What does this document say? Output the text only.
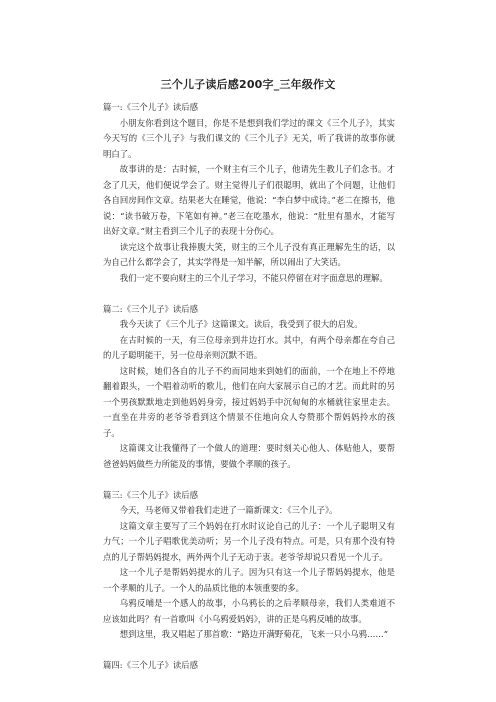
三个儿子读后感200字_三年级作文

篇一:《三个儿子》读后感

小朋友你看到这个题目，你是不是想到我们学过的课文《三个儿子》，其实今天写的《三个儿子》与我们课文的《三个儿子》无关，听了我讲的故事你就明白了。

故事讲的是：古时候，一个财主有三个儿子，他请先生教儿子们念书。才念了几天，他们便说学会了。财主觉得儿子们很聪明，就出了个问题，让他们各自回房间作文章。结果老大在睡觉，他说：“李白梦中成诗。”老二在擦书，他说：“读书破万卷，下笔如有神。”老三在吃墨水，他说：“肚里有墨水，才能写出好文章。”财主看到三个儿子的表现十分伤心。

读完这个故事让我捧腹大笑，财主的三个儿子没有真正理解先生的话，以为自己什么都学会了，其实学得是一知半解，所以闹出了大笑话。

我们一定不要向财主的三个儿子学习，不能只停留在对字面意思的理解。

篇二:《三个儿子》读后感

我今天读了《三个儿子》这篇课文。读后，我受到了很大的启发。

在古时候的一天，有三位母亲到井边打水。其中，有两个母亲都在夸自己的儿子聪明能干，另一位母亲则沉默不语。

这时候，她们各自的儿子不约而同地来到她们的面前，一个在地上不停地翻着跟头，一个唱着动听的歌儿，他们在向大家展示自己的才艺。而此时的另一个男孩默默地走到他妈妈身旁，接过妈妈手中沉甸甸的水桶就往家里走去。一直坐在井旁的老爷爷看到这个情景不住地向众人夸赞那个帮妈妈拎水的孩子。

这篇课文让我懂得了一个做人的道理：要时刻关心他人、体贴他人，要帮爸爸妈妈做些力所能及的事情，要做个孝顺的孩子。

篇三:《三个儿子》读后感

今天，马老师又带着我们走进了一篇新课文：《三个儿子》。

这篇文章主要写了三个妈妈在打水时议论自己的儿子：一个儿子聪明又有力气；一个儿子唱歌优美动听；另一个儿子没有特点。可是，只有那个没有特点的儿子帮妈妈提水，两外两个儿子无动于衷。老爷爷却说只看见一个儿子。

这一个儿子是帮妈妈提水的儿子。因为只有这一个儿子帮妈妈提水，他是一个孝顺的儿子。一个人的品质比他的本领重要的多。

乌鸦反哺是一个感人的故事，小乌鸦长的之后孝顺母亲，我们人类难道不应该如此吗？有一首歌叫《小乌鸦爱妈妈》，讲的正是乌鸦反哺的故事。

想到这里，我又唱起了那首歌：“路边开满野菊花，飞来一只小乌鸦……”

篇四:《三个儿子》读后感
